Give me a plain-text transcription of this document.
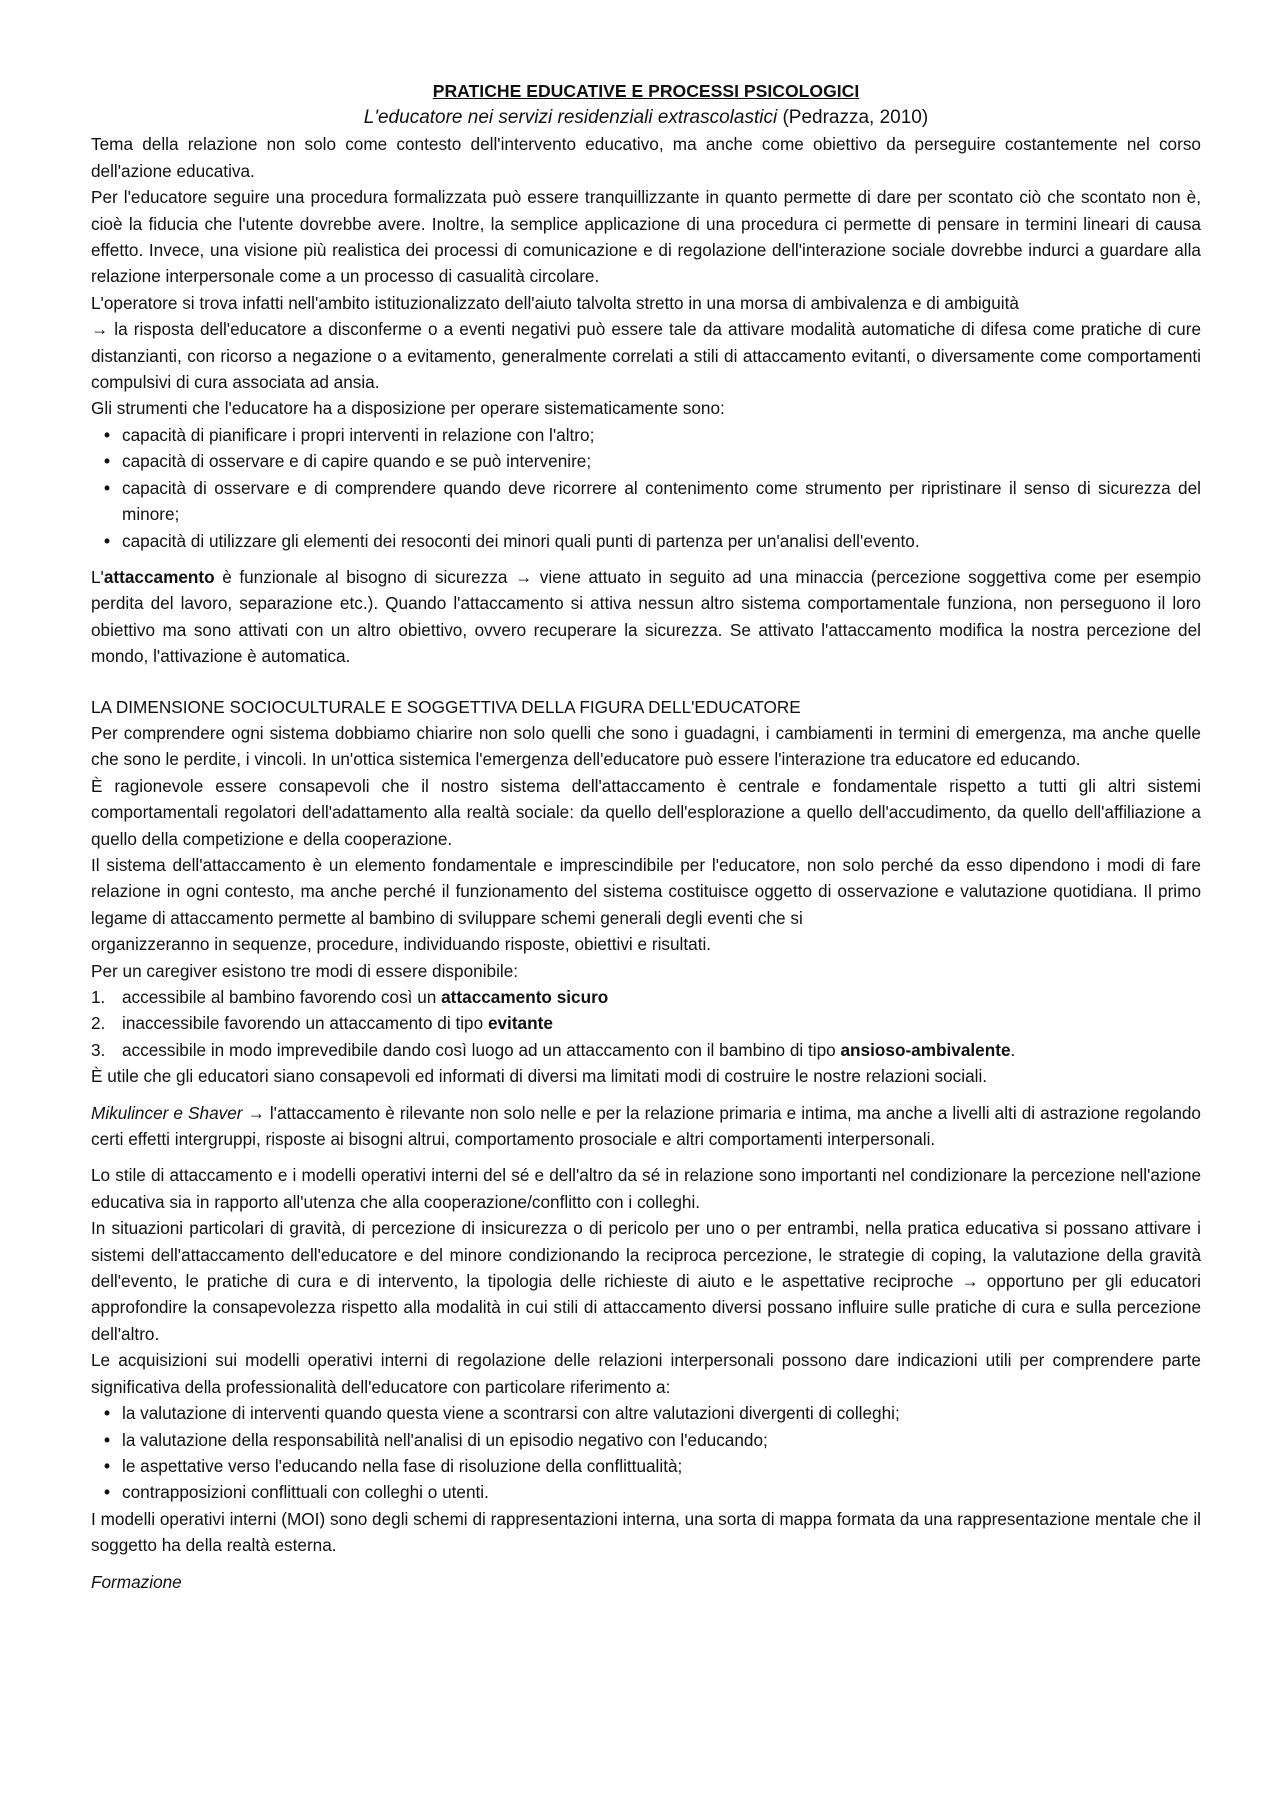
PRATICHE EDUCATIVE E PROCESSI PSICOLOGICI

L'educatore nei servizi residenziali extrascolastici (Pedrazza, 2010)

Tema della relazione non solo come contesto dell'intervento educativo, ma anche come obiettivo da perseguire costantemente nel corso dell'azione educativa.

Per l'educatore seguire una procedura formalizzata può essere tranquillizzante in quanto permette di dare per scontato ciò che scontato non è, cioè la fiducia che l'utente dovrebbe avere. Inoltre, la semplice applicazione di una procedura ci permette di pensare in termini lineari di causa effetto. Invece, una visione più realistica dei processi di comunicazione e di regolazione dell'interazione sociale dovrebbe indurci a guardare alla relazione interpersonale come a un processo di casualità circolare.

L'operatore si trova infatti nell'ambito istituzionalizzato dell'aiuto talvolta stretto in una morsa di ambivalenza e di ambiguità
→ la risposta dell'educatore a disconferme o a eventi negativi può essere tale da attivare modalità automatiche di difesa come pratiche di cure distanzianti, con ricorso a negazione o a evitamento, generalmente correlati a stili di attaccamento evitanti, o diversamente come comportamenti compulsivi di cura associata ad ansia.

Gli strumenti che l'educatore ha a disposizione per operare sistematicamente sono:

• capacità di pianificare i propri interventi in relazione con l'altro;
• capacità di osservare e di capire quando e se può intervenire;
• capacità di osservare e di comprendere quando deve ricorrere al contenimento come strumento per ripristinare il senso di sicurezza del minore;
• capacità di utilizzare gli elementi dei resoconti dei minori quali punti di partenza per un'analisi dell'evento.

L'attaccamento è funzionale al bisogno di sicurezza → viene attuato in seguito ad una minaccia (percezione soggettiva come per esempio perdita del lavoro, separazione etc.). Quando l'attaccamento si attiva nessun altro sistema comportamentale funziona, non perseguono il loro obiettivo ma sono attivati con un altro obiettivo, ovvero recuperare la sicurezza. Se attivato l'attaccamento modifica la nostra percezione del mondo, l'attivazione è automatica.

LA DIMENSIONE SOCIOCULTURALE E SOGGETTIVA DELLA FIGURA DELL'EDUCATORE

Per comprendere ogni sistema dobbiamo chiarire non solo quelli che sono i guadagni, i cambiamenti in termini di emergenza, ma anche quelle che sono le perdite, i vincoli. In un'ottica sistemica l'emergenza dell'educatore può essere l'interazione tra educatore ed educando.

È ragionevole essere consapevoli che il nostro sistema dell'attaccamento è centrale e fondamentale rispetto a tutti gli altri sistemi comportamentali regolatori dell'adattamento alla realtà sociale: da quello dell'esplorazione a quello dell'accudimento, da quello dell'affiliazione a quello della competizione e della cooperazione.

Il sistema dell'attaccamento è un elemento fondamentale e imprescindibile per l'educatore, non solo perché da esso dipendono i modi di fare relazione in ogni contesto, ma anche perché il funzionamento del sistema costituisce oggetto di osservazione e valutazione quotidiana. Il primo legame di attaccamento permette al bambino di sviluppare schemi generali degli eventi che si

organizzeranno in sequenze, procedure, individuando risposte, obiettivi e risultati.

Per un caregiver esistono tre modi di essere disponibile:

1. accessibile al bambino favorendo così un attaccamento sicuro
2. inaccessibile favorendo un attaccamento di tipo evitante
3. accessibile in modo imprevedibile dando così luogo ad un attaccamento con il bambino di tipo ansioso-ambivalente.

È utile che gli educatori siano consapevoli ed informati di diversi ma limitati modi di costruire le nostre relazioni sociali.

Mikulincer e Shaver → l'attaccamento è rilevante non solo nelle e per la relazione primaria e intima, ma anche a livelli alti di astrazione regolando certi effetti intergruppi, risposte ai bisogni altrui, comportamento prosociale e altri comportamenti interpersonali.

Lo stile di attaccamento e i modelli operativi interni del sé e dell'altro da sé in relazione sono importanti nel condizionare la percezione nell'azione educativa sia in rapporto all'utenza che alla cooperazione/conflitto con i colleghi.

In situazioni particolari di gravità, di percezione di insicurezza o di pericolo per uno o per entrambi, nella pratica educativa si possano attivare i sistemi dell'attaccamento dell'educatore e del minore condizionando la reciproca percezione, le strategie di coping, la valutazione della gravità dell'evento, le pratiche di cura e di intervento, la tipologia delle richieste di aiuto e le aspettative reciproche → opportuno per gli educatori approfondire la consapevolezza rispetto alla modalità in cui stili di attaccamento diversi possano influire sulle pratiche di cura e sulla percezione dell'altro.

Le acquisizioni sui modelli operativi interni di regolazione delle relazioni interpersonali possono dare indicazioni utili per comprendere parte significativa della professionalità dell'educatore con particolare riferimento a:

• la valutazione di interventi quando questa viene a scontrarsi con altre valutazioni divergenti di colleghi;
• la valutazione della responsabilità nell'analisi di un episodio negativo con l'educando;
• le aspettative verso l'educando nella fase di risoluzione della conflittualità;
• contrapposizioni conflittuali con colleghi o utenti.

I modelli operativi interni (MOI) sono degli schemi di rappresentazioni interna, una sorta di mappa formata da una rappresentazione mentale che il soggetto ha della realtà esterna.

Formazione
